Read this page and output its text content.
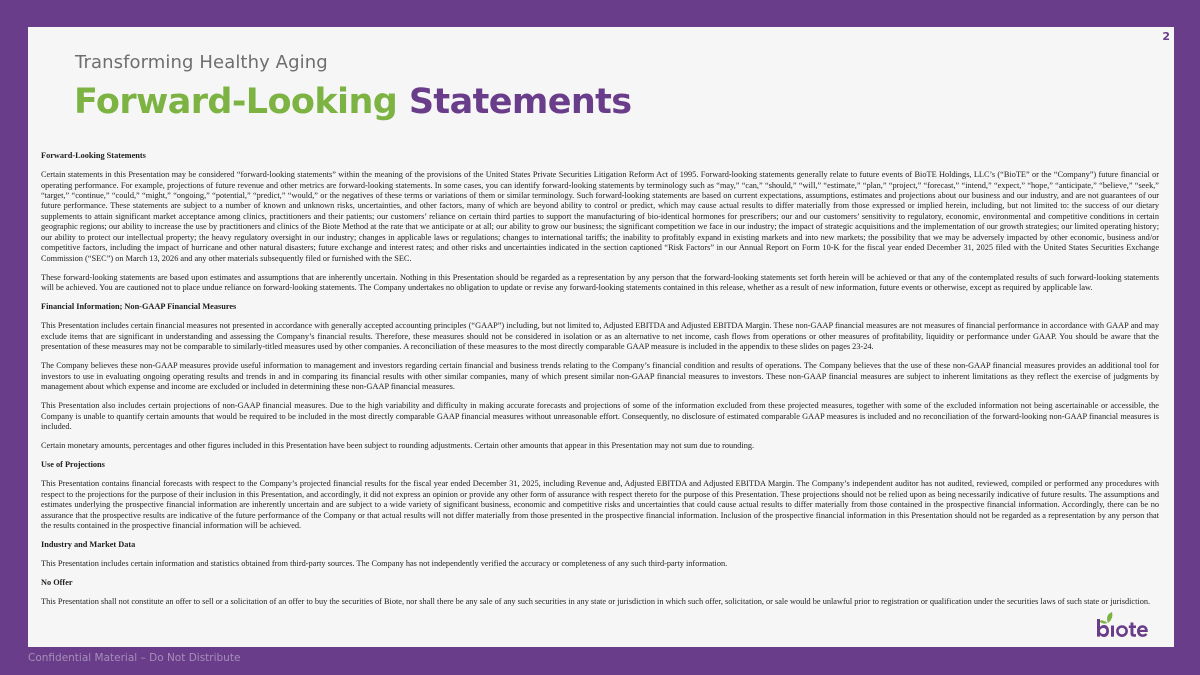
2
Transforming Healthy Aging
Forward-Looking Statements

Forward-Looking Statements

Certain statements in this Presentation may be considered “forward-looking statements” within the meaning of the provisions of the United States Private Securities Litigation Reform Act of 1995. Forward-looking statements generally relate to future events of BioTE Holdings, LLC’s (“BioTE” or the “Company”) future financial or operating performance. For example, projections of future revenue and other metrics are forward-looking statements. In some cases, you can identify forward-looking statements by terminology such as “may,” “can,” “should,” “will,” “estimate,” “plan,” “project,” “forecast,” “intend,” “expect,” “hope,” “anticipate,” “believe,” “seek,” “target,” “continue,” “could,” “might,” “ongoing,” “potential,” “predict,” “would,” or the negatives of these terms or variations of them or similar terminology. Such forward-looking statements are based on current expectations, assumptions, estimates and projections about our business and our industry, and are not guarantees of our future performance. These statements are subject to a number of known and unknown risks, uncertainties, and other factors, many of which are beyond ability to control or predict, which may cause actual results to differ materially from those expressed or implied herein, including, but not limited to: the success of our dietary supplements to attain significant market acceptance among clinics, practitioners and their patients; our customers’ reliance on certain third parties to support the manufacturing of bio-identical hormones for prescribers; our and our customers’ sensitivity to regulatory, economic, environmental and competitive conditions in certain geographic regions; our ability to increase the use by practitioners and clinics of the Biote Method at the rate that we anticipate or at all; our ability to grow our business; the significant competition we face in our industry; the impact of strategic acquisitions and the implementation of our growth strategies; our limited operating history; our ability to protect our intellectual property; the heavy regulatory oversight in our industry; changes in applicable laws or regulations; changes to international tariffs; the inability to profitably expand in existing markets and into new markets; the possibility that we may be adversely impacted by other economic, business and/or competitive factors, including the impact of hurricane and other natural disasters; future exchange and interest rates; and other risks and uncertainties indicated in the section captioned “Risk Factors” in our Annual Report on Form 10-K for the fiscal year ended December 31, 2025 filed with the United States Securities Exchange Commission (“SEC”) on March 13, 2026 and any other materials subsequently filed or furnished with the SEC.

These forward-looking statements are based upon estimates and assumptions that are inherently uncertain. Nothing in this Presentation should be regarded as a representation by any person that the forward-looking statements set forth herein will be achieved or that any of the contemplated results of such forward-looking statements will be achieved. You are cautioned not to place undue reliance on forward-looking statements. The Company undertakes no obligation to update or revise any forward-looking statements contained in this release, whether as a result of new information, future events or otherwise, except as required by applicable law.

Financial Information; Non-GAAP Financial Measures

This Presentation includes certain financial measures not presented in accordance with generally accepted accounting principles (“GAAP”) including, but not limited to, Adjusted EBITDA and Adjusted EBITDA Margin. These non-GAAP financial measures are not measures of financial performance in accordance with GAAP and may exclude items that are significant in understanding and assessing the Company’s financial results. Therefore, these measures should not be considered in isolation or as an alternative to net income, cash flows from operations or other measures of profitability, liquidity or performance under GAAP. You should be aware that the presentation of these measures may not be comparable to similarly-titled measures used by other companies. A reconciliation of these measures to the most directly comparable GAAP measure is included in the appendix to these slides on pages 23-24.

The Company believes these non-GAAP measures provide useful information to management and investors regarding certain financial and business trends relating to the Company’s financial condition and results of operations. The Company believes that the use of these non-GAAP financial measures provides an additional tool for investors to use in evaluating ongoing operating results and trends in and in comparing its financial results with other similar companies, many of which present similar non-GAAP financial measures to investors. These non-GAAP financial measures are subject to inherent limitations as they reflect the exercise of judgments by management about which expense and income are excluded or included in determining these non-GAAP financial measures.

This Presentation also includes certain projections of non-GAAP financial measures. Due to the high variability and difficulty in making accurate forecasts and projections of some of the information excluded from these projected measures, together with some of the excluded information not being ascertainable or accessible, the Company is unable to quantify certain amounts that would be required to be included in the most directly comparable GAAP financial measures without unreasonable effort. Consequently, no disclosure of estimated comparable GAAP measures is included and no reconciliation of the forward-looking non-GAAP financial measures is included.

Certain monetary amounts, percentages and other figures included in this Presentation have been subject to rounding adjustments. Certain other amounts that appear in this Presentation may not sum due to rounding.

Use of Projections

This Presentation contains financial forecasts with respect to the Company’s projected financial results for the fiscal year ended December 31, 2025, including Revenue and, Adjusted EBITDA and Adjusted EBITDA Margin. The Company’s independent auditor has not audited, reviewed, compiled or performed any procedures with respect to the projections for the purpose of their inclusion in this Presentation, and accordingly, it did not express an opinion or provide any other form of assurance with respect thereto for the purpose of this Presentation. These projections should not be relied upon as being necessarily indicative of future results. The assumptions and estimates underlying the prospective financial information are inherently uncertain and are subject to a wide variety of significant business, economic and competitive risks and uncertainties that could cause actual results to differ materially from those contained in the prospective financial information. Accordingly, there can be no assurance that the prospective results are indicative of the future performance of the Company or that actual results will not differ materially from those presented in the prospective financial information. Inclusion of the prospective financial information in this Presentation should not be regarded as a representation by any person that the results contained in the prospective financial information will be achieved.

Industry and Market Data

This Presentation includes certain information and statistics obtained from third-party sources. The Company has not independently verified the accuracy or completeness of any such third-party information.

No Offer

This Presentation shall not constitute an offer to sell or a solicitation of an offer to buy the securities of Biote, nor shall there be any sale of any such securities in any state or jurisdiction in which such offer, solicitation, or sale would be unlawful prior to registration or qualification under the securities laws of such state or jurisdiction.

Confidential Material – Do Not Distribute
